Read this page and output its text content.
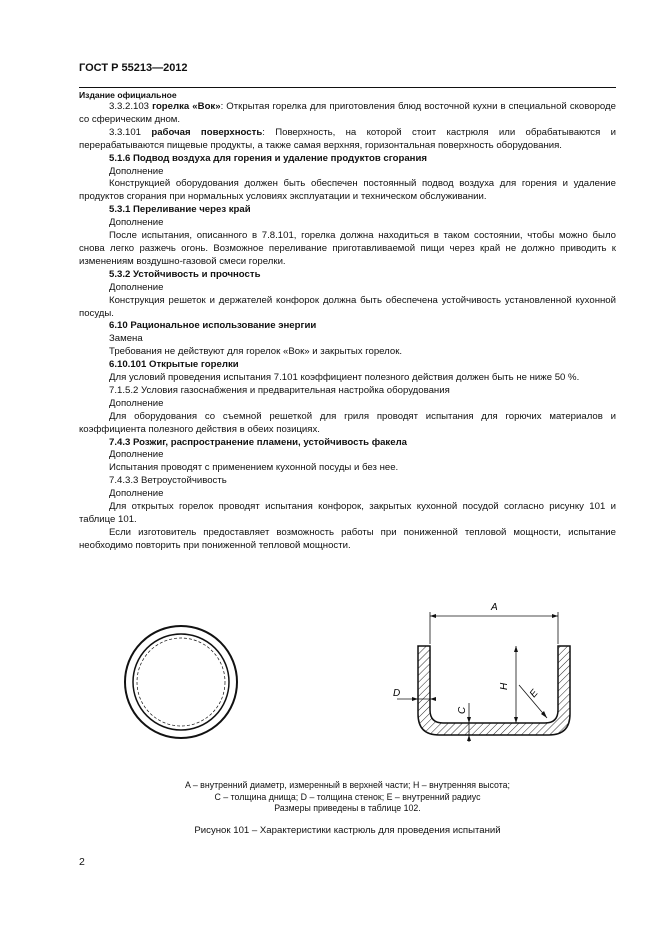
ГОСТ Р 55213—2012
Издание официальное

3.3.2.103 горелка «Вок»: Открытая горелка для приготовления блюд восточной кухни в специальной сковороде со сферическим дном.

3.3.101 рабочая поверхность: Поверхность, на которой стоит кастрюля или обрабатываются и перерабатываются пищевые продукты, а также самая верхняя, горизонтальная поверхность оборудования.

5.1.6 Подвод воздуха для горения и удаление продуктов сгорания

Дополнение

Конструкцией оборудования должен быть обеспечен постоянный подвод воздуха для горения и удаление продуктов сгорания при нормальных условиях эксплуатации и техническом обслуживании.

5.3.1 Переливание через край

Дополнение

После испытания, описанного в 7.8.101, горелка должна находиться в таком состоянии, чтобы можно было снова легко разжечь огонь. Возможное переливание приготавливаемой пищи через край не должно приводить к изменениям воздушно-газовой смеси горелки.

5.3.2 Устойчивость и прочность

Дополнение

Конструкция решеток и держателей конфорок должна быть обеспечена устойчивость установленной кухонной посуды.

6.10 Рациональное использование энергии

Замена

Требования не действуют для горелок «Вок» и закрытых горелок.

6.10.101 Открытые горелки

Для условий проведения испытания 7.101 коэффициент полезного действия должен быть не ниже 50 %.

7.1.5.2 Условия газоснабжения и предварительная настройка оборудования

Дополнение

Для оборудования со съемной решеткой для гриля проводят испытания для горючих материалов и коэффициента полезного действия в обеих позициях.

7.4.3 Розжиг, распространение пламени, устойчивость факела

Дополнение

Испытания проводят с применением кухонной посуды и без нее.

7.4.3.3 Ветроустойчивость

Дополнение

Для открытых горелок проводят испытания конфорок, закрытых кухонной посудой согласно рисунку 101 и таблице 101.

Если изготовитель предоставляет возможность работы при пониженной тепловой мощности, испытание необходимо повторить при пониженной тепловой мощности.

A
H
E
C
D
A – внутренний диаметр, измеренный в верхней части; H – внутренняя высота;
C – толщина днища; D – толщина стенок; E – внутренний радиус
Размеры приведены в таблице 102.
Рисунок 101 – Характеристики кастрюль для проведения испытаний
2
